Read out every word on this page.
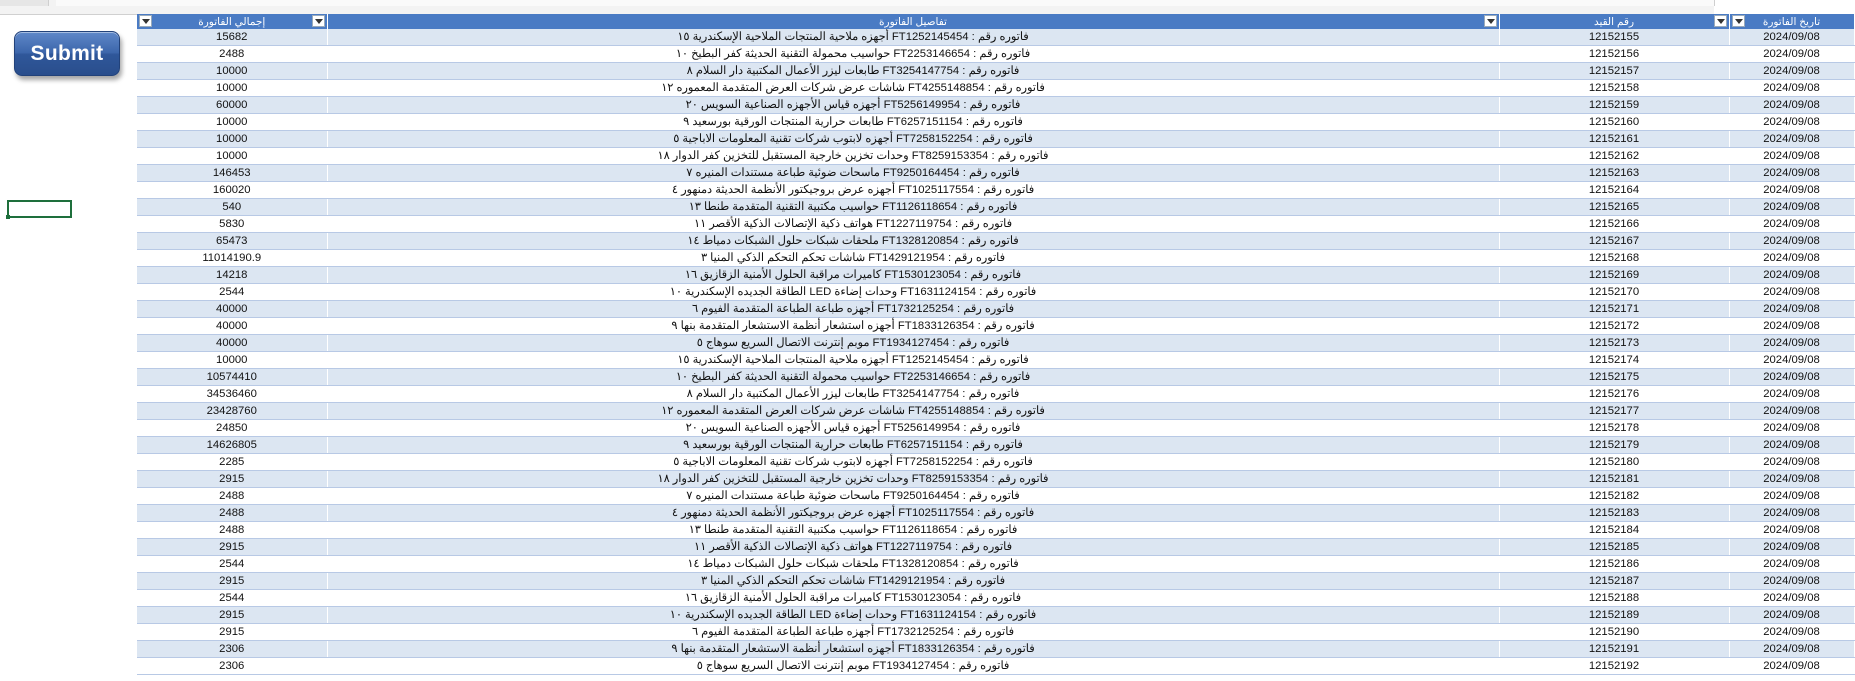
Submit
إجمالي الفاتورة	تفاصيل الفاتورة	رقم القيد	تاريخ الفاتورة
15682	فاتوره رقم : FT1252145454 أجهزه ملاحية المنتجات الملاحية الإسكندرية ١٥	12152155	2024/09/08
2488	فاتوره رقم : FT2253146654 حواسيب محمولة التقنية الحديثة كفر البطيخ ١٠	12152156	2024/09/08
10000	فاتوره رقم : FT3254147754 طابعات ليزر الأعمال المكتبية دار السلام ٨	12152157	2024/09/08
10000	فاتوره رقم : FT4255148854 شاشات عرض شركات العرض المتقدمة المعموره ١٢	12152158	2024/09/08
60000	فاتوره رقم : FT5256149954 أجهزه قياس الأجهزه الصناعية السويس ٢٠	12152159	2024/09/08
10000	فاتوره رقم : FT6257151154 طابعات حرارية المنتجات الورقية بورسعيد ٩	12152160	2024/09/08
10000	فاتوره رقم : FT7258152254 أجهزه لابتوب شركات تقنية المعلومات الاباجية ٥	12152161	2024/09/08
10000	فاتوره رقم : FT8259153354 وحدات تخزين خارجية المستقبل للتخزين كفر الدوار ١٨	12152162	2024/09/08
146453	فاتوره رقم : FT9250164454 ماسحات ضوئية طباعة مستندات المنيره ٧	12152163	2024/09/08
160020	فاتوره رقم : FT1025117554 أجهزه عرض بروجيكتور الأنظمة الحديثة دمنهور ٤	12152164	2024/09/08
540	فاتوره رقم : FT1126118654 حواسيب مكتبية التقنية المتقدمة طنطا ١٣	12152165	2024/09/08
5830	فاتوره رقم : FT1227119754 هواتف ذكية الإتصالات الذكية الأقصر ١١	12152166	2024/09/08
65473	فاتوره رقم : FT1328120854 ملحقات شبكات حلول الشبكات دمياط ١٤	12152167	2024/09/08
11014190.9	فاتوره رقم : FT1429121954 شاشات تحكم التحكم الذكي المنيا ٣	12152168	2024/09/08
14218	فاتوره رقم : FT1530123054 كاميرات مراقبة الحلول الأمنية الزقازيق ١٦	12152169	2024/09/08
2544	فاتوره رقم : FT1631124154 وحدات إضاءة LED الطاقة الجديده الإسكندرية ١٠	12152170	2024/09/08
40000	فاتوره رقم : FT1732125254 أجهزه طباعة الطباعة المتقدمة الفيوم ٦	12152171	2024/09/08
40000	فاتوره رقم : FT1833126354 أجهزه استشعار أنظمة الاستشعار المتقدمة بنها ٩	12152172	2024/09/08
40000	فاتوره رقم : FT1934127454 موبم إنترنت الاتصال السريع سوهاج ٥	12152173	2024/09/08
10000	فاتوره رقم : FT1252145454 أجهزه ملاحية المنتجات الملاحية الإسكندرية ١٥	12152174	2024/09/08
10574410	فاتوره رقم : FT2253146654 حواسيب محمولة التقنية الحديثة كفر البطيخ ١٠	12152175	2024/09/08
34536460	فاتوره رقم : FT3254147754 طابعات ليزر الأعمال المكتبية دار السلام ٨	12152176	2024/09/08
23428760	فاتوره رقم : FT4255148854 شاشات عرض شركات العرض المتقدمة المعموره ١٢	12152177	2024/09/08
24850	فاتوره رقم : FT5256149954 أجهزه قياس الأجهزه الصناعية السويس ٢٠	12152178	2024/09/08
14626805	فاتوره رقم : FT6257151154 طابعات حرارية المنتجات الورقية بورسعيد ٩	12152179	2024/09/08
2285	فاتوره رقم : FT7258152254 أجهزه لابتوب شركات تقنية المعلومات الاباجية ٥	12152180	2024/09/08
2915	فاتوره رقم : FT8259153354 وحدات تخزين خارجية المستقبل للتخزين كفر الدوار ١٨	12152181	2024/09/08
2488	فاتوره رقم : FT9250164454 ماسحات ضوئية طباعة مستندات المنيره ٧	12152182	2024/09/08
2488	فاتوره رقم : FT1025117554 أجهزه عرض بروجيكتور الأنظمة الحديثة دمنهور ٤	12152183	2024/09/08
2488	فاتوره رقم : FT1126118654 حواسيب مكتبية التقنية المتقدمة طنطا ١٣	12152184	2024/09/08
2915	فاتوره رقم : FT1227119754 هواتف ذكية الإتصالات الذكية الأقصر ١١	12152185	2024/09/08
2544	فاتوره رقم : FT1328120854 ملحقات شبكات حلول الشبكات دمياط ١٤	12152186	2024/09/08
2915	فاتوره رقم : FT1429121954 شاشات تحكم التحكم الذكي المنيا ٣	12152187	2024/09/08
2544	فاتوره رقم : FT1530123054 كاميرات مراقبة الحلول الأمنية الزقازيق ١٦	12152188	2024/09/08
2915	فاتوره رقم : FT1631124154 وحدات إضاءة LED الطاقة الجديده الإسكندرية ١٠	12152189	2024/09/08
2915	فاتوره رقم : FT1732125254 أجهزه طباعة الطباعة المتقدمة الفيوم ٦	12152190	2024/09/08
2306	فاتوره رقم : FT1833126354 أجهزه استشعار أنظمة الاستشعار المتقدمة بنها ٩	12152191	2024/09/08
2306	فاتوره رقم : FT1934127454 موبم إنترنت الاتصال السريع سوهاج ٥	12152192	2024/09/08
